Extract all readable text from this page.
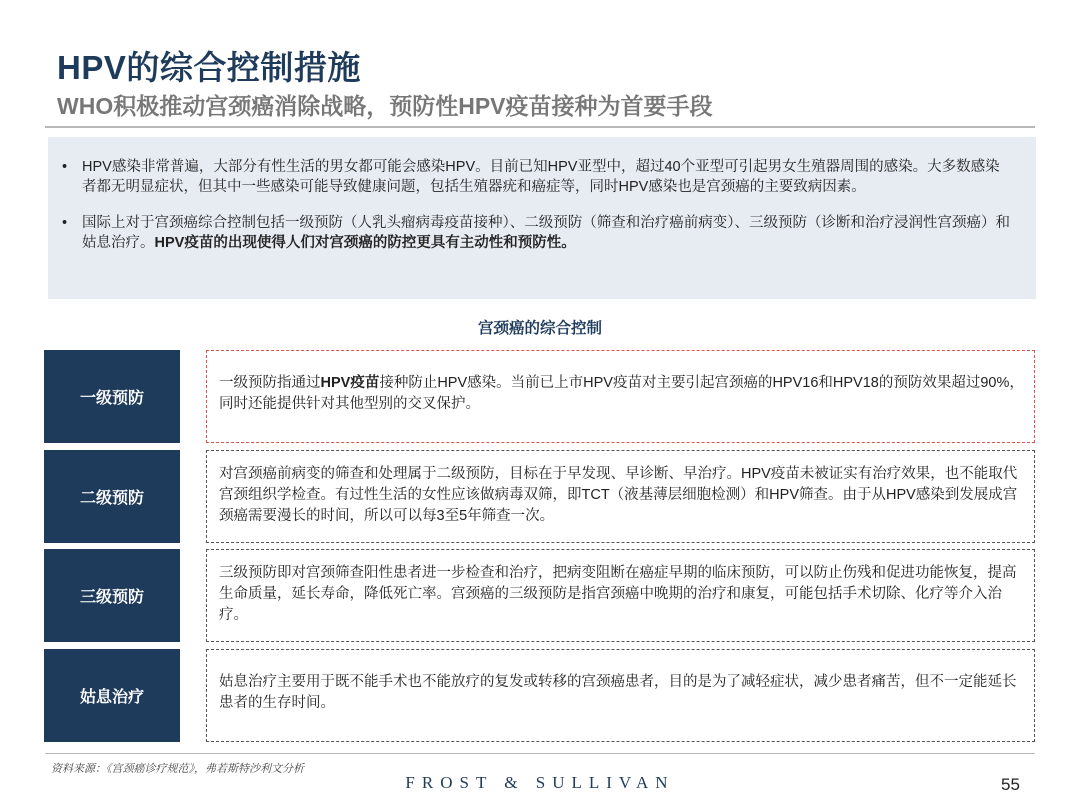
HPV的综合控制措施
WHO积极推动宫颈癌消除战略，预防性HPV疫苗接种为首要手段
• HPV感染非常普遍，大部分有性生活的男女都可能会感染HPV。目前已知HPV亚型中，超过40个亚型可引起男女生殖器周围的感染。大多数感染者都无明显症状，但其中一些感染可能导致健康问题，包括生殖器疣和癌症等，同时HPV感染也是宫颈癌的主要致病因素。
• 国际上对于宫颈癌综合控制包括一级预防（人乳头瘤病毒疫苗接种）、二级预防（筛查和治疗癌前病变）、三级预防（诊断和治疗浸润性宫颈癌）和姑息治疗。HPV疫苗的出现使得人们对宫颈癌的防控更具有主动性和预防性。
宫颈癌的综合控制
一级预防
一级预防指通过HPV疫苗接种防止HPV感染。当前已上市HPV疫苗对主要引起宫颈癌的HPV16和HPV18的预防效果超过90%，同时还能提供针对其他型别的交叉保护。
二级预防
对宫颈癌前病变的筛查和处理属于二级预防，目标在于早发现、早诊断、早治疗。HPV疫苗未被证实有治疗效果，也不能取代宫颈组织学检查。有过性生活的女性应该做病毒双筛，即TCT（液基薄层细胞检测）和HPV筛查。由于从HPV感染到发展成宫颈癌需要漫长的时间，所以可以每3至5年筛查一次。
三级预防
三级预防即对宫颈筛查阳性患者进一步检查和治疗，把病变阻断在癌症早期的临床预防，可以防止伤残和促进功能恢复，提高生命质量，延长寿命，降低死亡率。宫颈癌的三级预防是指宫颈癌中晚期的治疗和康复，可能包括手术切除、化疗等介入治疗。
姑息治疗
姑息治疗主要用于既不能手术也不能放疗的复发或转移的宫颈癌患者，目的是为了减轻症状，减少患者痛苦，但不一定能延长患者的生存时间。
资料来源：《宫颈癌诊疗规范》，弗若斯特沙利文分析
FROST & SULLIVAN	55
